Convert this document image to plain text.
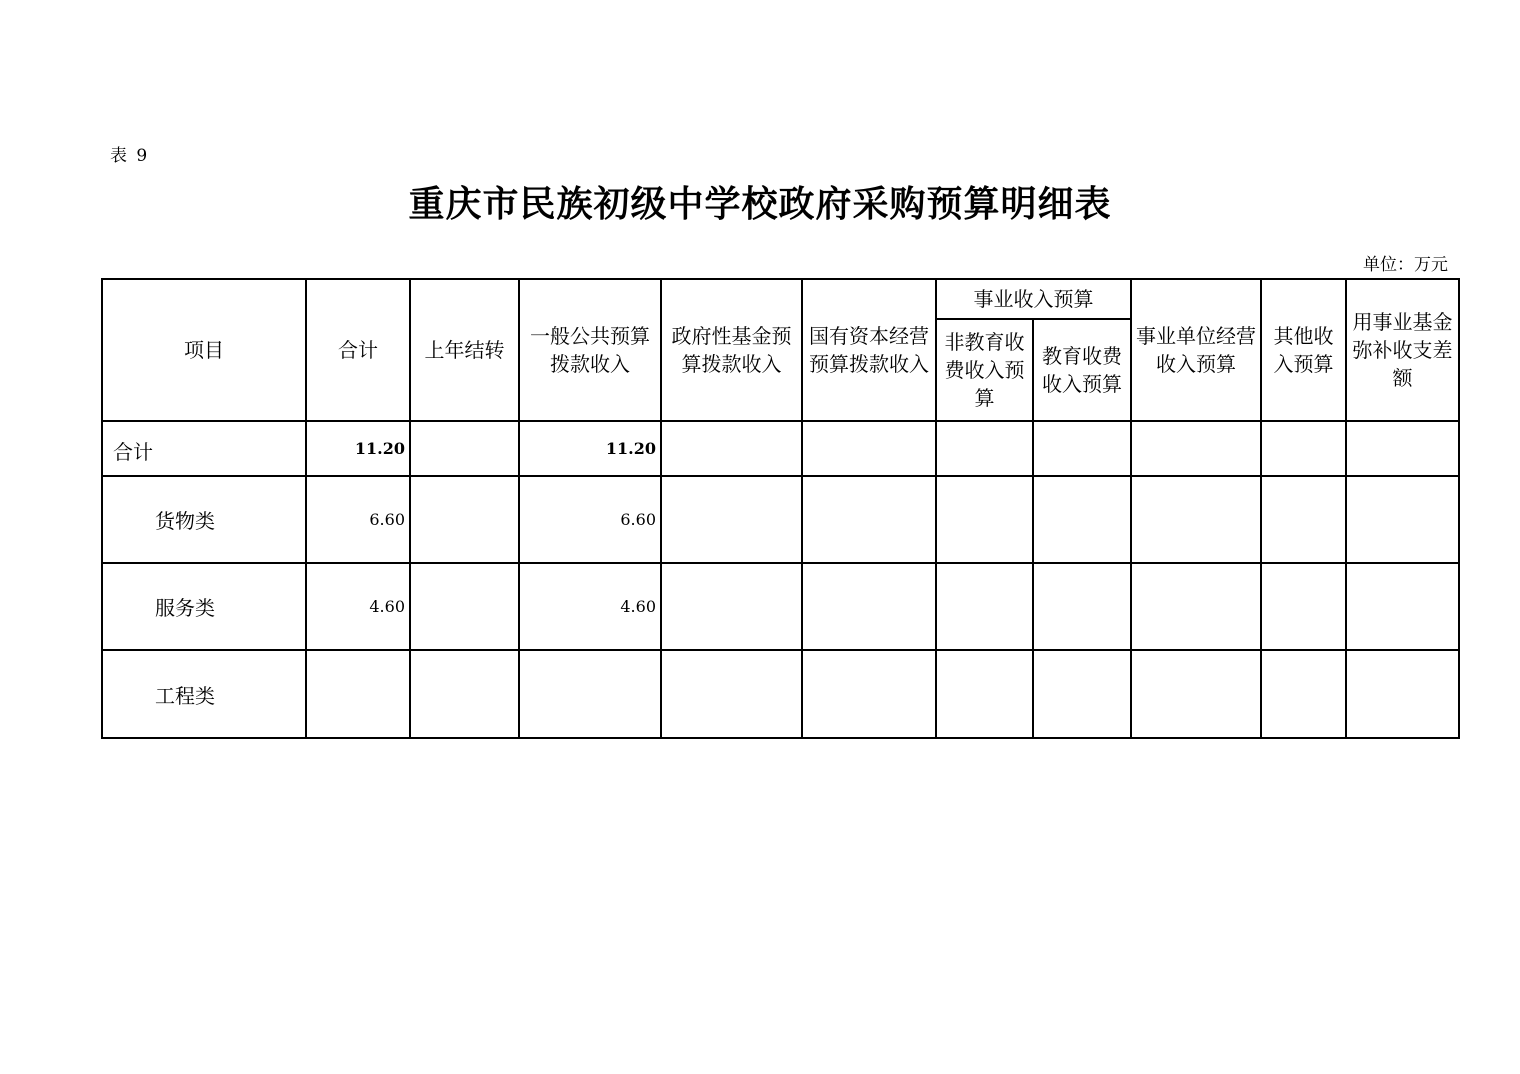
表 9
重庆市民族初级中学校政府采购预算明细表
单位：万元
项目	合计	上年结转	一般公共预算拨款收入	政府性基金预算拨款收入	国有资本经营预算拨款收入	事业收入预算		事业单位经营收入预算	其他收入预算	用事业基金弥补收支差额
						非教育收费收入预算	教育收费收入预算			
合计	11.20		11.20							
货物类	6.60		6.60							
服务类	4.60		4.60							
工程类										
